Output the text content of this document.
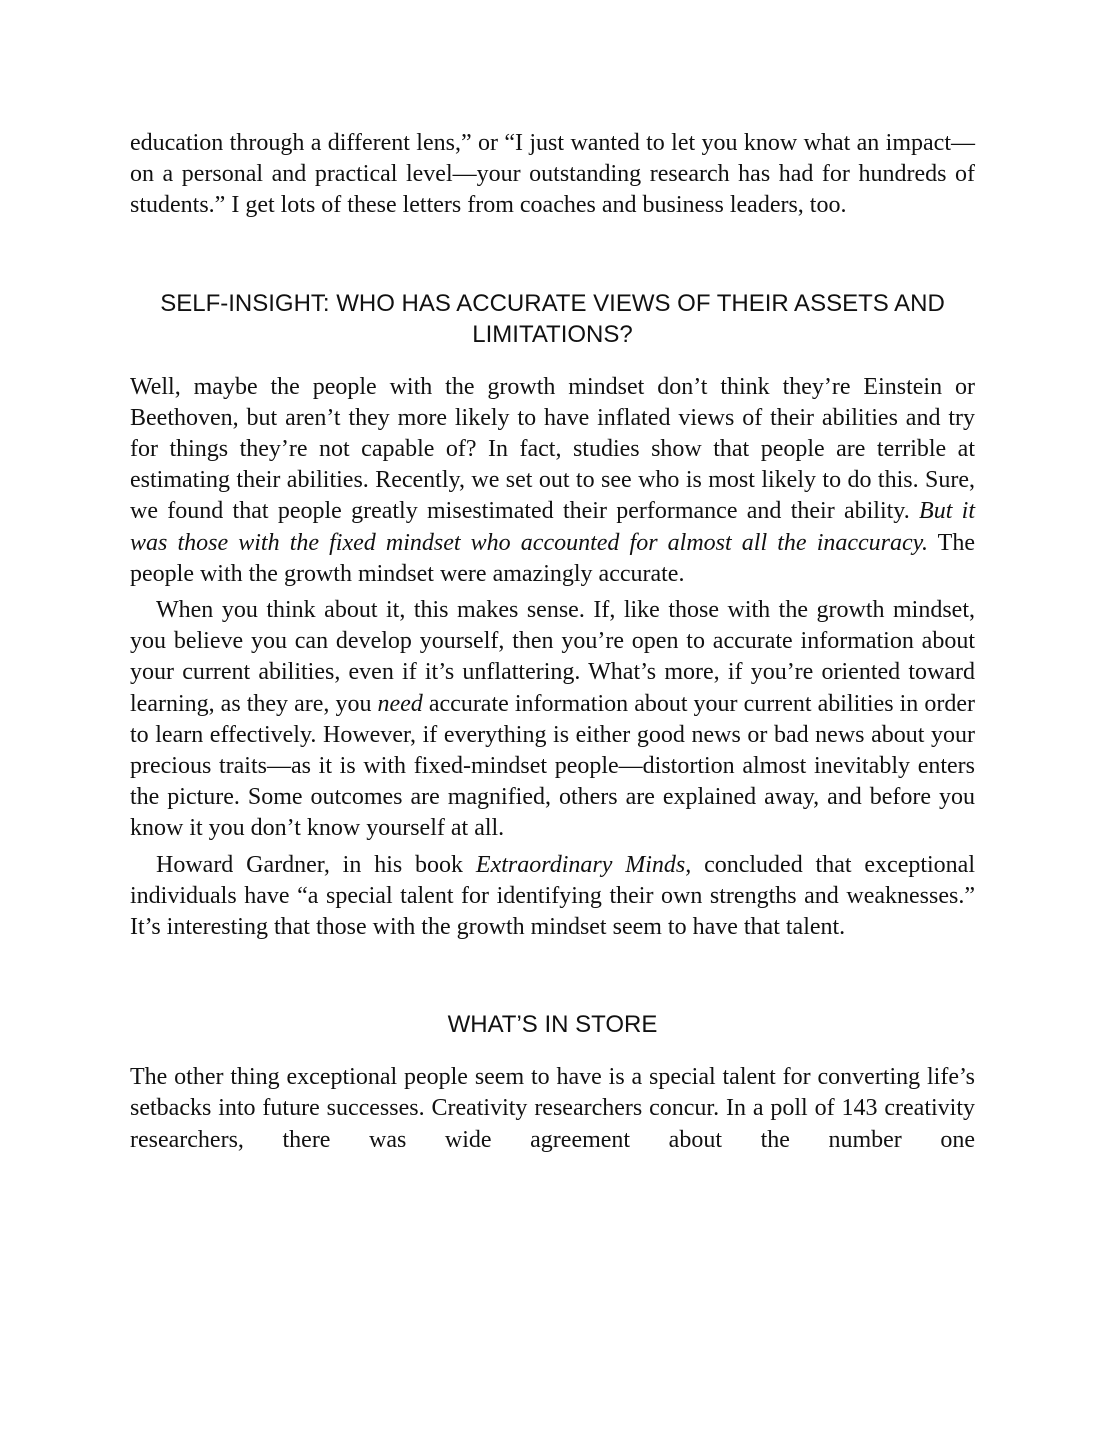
education through a different lens,” or “I just wanted to let you know what an impact—on a personal and practical level—your outstanding research has had for hundreds of students.” I get lots of these letters from coaches and business leaders, too.

SELF-INSIGHT: WHO HAS ACCURATE VIEWS OF THEIR ASSETS AND LIMITATIONS?

Well, maybe the people with the growth mindset don’t think they’re Einstein or Beethoven, but aren’t they more likely to have inflated views of their abilities and try for things they’re not capable of? In fact, studies show that people are terrible at estimating their abilities. Recently, we set out to see who is most likely to do this. Sure, we found that people greatly misestimated their performance and their ability. But it was those with the fixed mindset who accounted for almost all the inaccuracy. The people with the growth mindset were amazingly accurate.

When you think about it, this makes sense. If, like those with the growth mindset, you believe you can develop yourself, then you’re open to accurate information about your current abilities, even if it’s unflattering. What’s more, if you’re oriented toward learning, as they are, you need accurate information about your current abilities in order to learn effectively. However, if everything is either good news or bad news about your precious traits—as it is with fixed-mindset people—distortion almost inevitably enters the picture. Some outcomes are magnified, others are explained away, and before you know it you don’t know yourself at all.

Howard Gardner, in his book Extraordinary Minds, concluded that exceptional individuals have “a special talent for identifying their own strengths and weaknesses.” It’s interesting that those with the growth mindset seem to have that talent.

WHAT’S IN STORE

The other thing exceptional people seem to have is a special talent for converting life’s setbacks into future successes. Creativity researchers concur. In a poll of 143 creativity researchers, there was wide agreement about the number one
